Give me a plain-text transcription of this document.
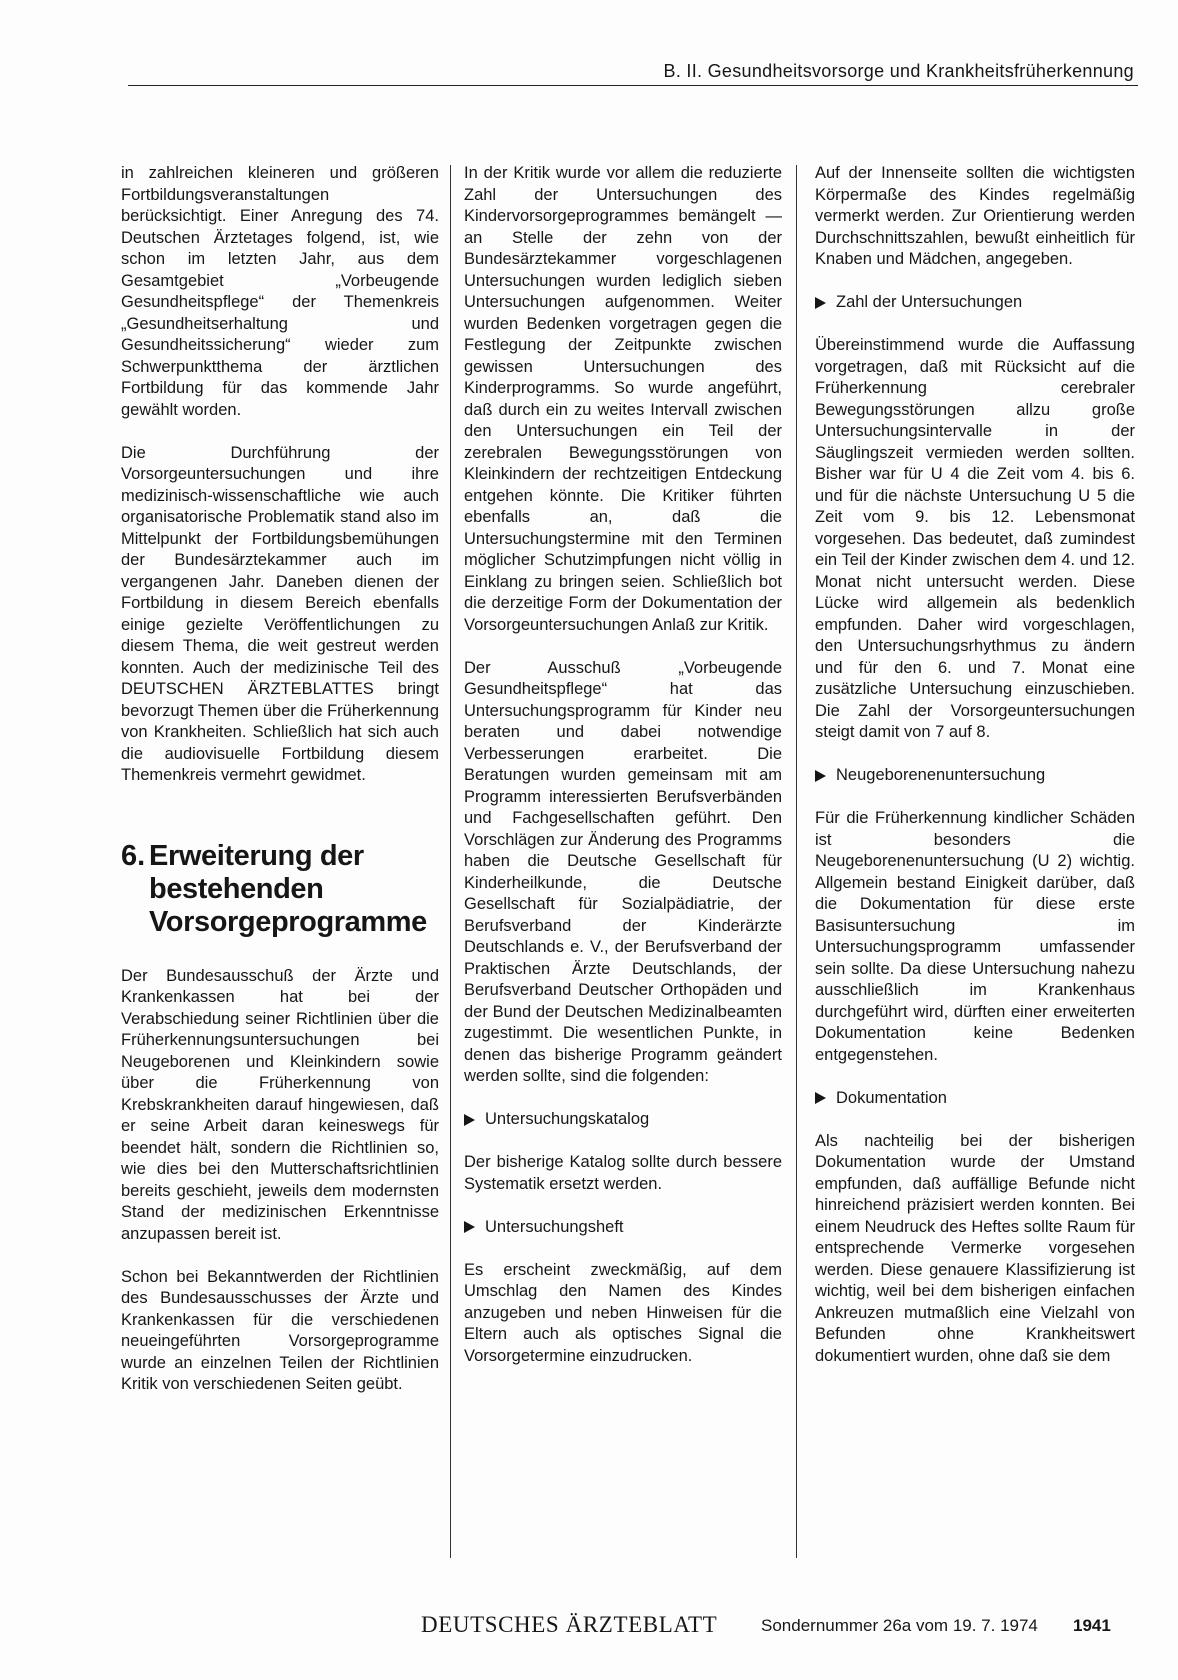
B. II. Gesundheitsvorsorge und Krankheitsfrüherkennung

in zahlreichen kleineren und größeren Fortbildungsveranstaltungen berücksichtigt. Einer Anregung des 74. Deutschen Ärztetages folgend, ist, wie schon im letzten Jahr, aus dem Gesamtgebiet „Vorbeugende Gesundheitspflege“ der Themenkreis „Gesundheitserhaltung und Gesundheitssicherung“ wieder zum Schwerpunktthema der ärztlichen Fortbildung für das kommende Jahr gewählt worden.

Die Durchführung der Vorsorgeuntersuchungen und ihre medizinisch-wissenschaftliche wie auch organisatorische Problematik stand also im Mittelpunkt der Fortbildungsbemühungen der Bundesärztekammer auch im vergangenen Jahr. Daneben dienen der Fortbildung in diesem Bereich ebenfalls einige gezielte Veröffentlichungen zu diesem Thema, die weit gestreut werden konnten. Auch der medizinische Teil des DEUTSCHEN ÄRZTEBLATTES bringt bevorzugt Themen über die Früherkennung von Krankheiten. Schließlich hat sich auch die audiovisuelle Fortbildung diesem Themenkreis vermehrt gewidmet.

6. Erweiterung der
bestehenden
Vorsorgeprogramme

Der Bundesausschuß der Ärzte und Krankenkassen hat bei der Verabschiedung seiner Richtlinien über die Früherkennungsuntersuchungen bei Neugeborenen und Kleinkindern sowie über die Früherkennung von Krebskrankheiten darauf hingewiesen, daß er seine Arbeit daran keineswegs für beendet hält, sondern die Richtlinien so, wie dies bei den Mutterschaftsrichtlinien bereits geschieht, jeweils dem modernsten Stand der medizinischen Erkenntnisse anzupassen bereit ist.

Schon bei Bekanntwerden der Richtlinien des Bundesausschusses der Ärzte und Krankenkassen für die verschiedenen neueingeführten Vorsorgeprogramme wurde an einzelnen Teilen der Richtlinien Kritik von verschiedenen Seiten geübt.

In der Kritik wurde vor allem die reduzierte Zahl der Untersuchungen des Kindervorsorgeprogrammes bemängelt — an Stelle der zehn von der Bundesärztekammer vorgeschlagenen Untersuchungen wurden lediglich sieben Untersuchungen aufgenommen. Weiter wurden Bedenken vorgetragen gegen die Festlegung der Zeitpunkte zwischen gewissen Untersuchungen des Kinderprogramms. So wurde angeführt, daß durch ein zu weites Intervall zwischen den Untersuchungen ein Teil der zerebralen Bewegungsstörungen von Kleinkindern der rechtzeitigen Entdeckung entgehen könnte. Die Kritiker führten ebenfalls an, daß die Untersuchungstermine mit den Terminen möglicher Schutzimpfungen nicht völlig in Einklang zu bringen seien. Schließlich bot die derzeitige Form der Dokumentation der Vorsorgeuntersuchungen Anlaß zur Kritik.

Der Ausschuß „Vorbeugende Gesundheitspflege“ hat das Untersuchungsprogramm für Kinder neu beraten und dabei notwendige Verbesserungen erarbeitet. Die Beratungen wurden gemeinsam mit am Programm interessierten Berufsverbänden und Fachgesellschaften geführt. Den Vorschlägen zur Änderung des Programms haben die Deutsche Gesellschaft für Kinderheilkunde, die Deutsche Gesellschaft für Sozialpädiatrie, der Berufsverband der Kinderärzte Deutschlands e. V., der Berufsverband der Praktischen Ärzte Deutschlands, der Berufsverband Deutscher Orthopäden und der Bund der Deutschen Medizinalbeamten zugestimmt. Die wesentlichen Punkte, in denen das bisherige Programm geändert werden sollte, sind die folgenden:

Untersuchungskatalog

Der bisherige Katalog sollte durch bessere Systematik ersetzt werden.

Untersuchungsheft

Es erscheint zweckmäßig, auf dem Umschlag den Namen des Kindes anzugeben und neben Hinweisen für die Eltern auch als optisches Signal die Vorsorgetermine einzudrucken.

Auf der Innenseite sollten die wichtigsten Körpermaße des Kindes regelmäßig vermerkt werden. Zur Orientierung werden Durchschnittszahlen, bewußt einheitlich für Knaben und Mädchen, angegeben.

Zahl der Untersuchungen

Übereinstimmend wurde die Auffassung vorgetragen, daß mit Rücksicht auf die Früherkennung cerebraler Bewegungsstörungen allzu große Untersuchungsintervalle in der Säuglingszeit vermieden werden sollten. Bisher war für U 4 die Zeit vom 4. bis 6. und für die nächste Untersuchung U 5 die Zeit vom 9. bis 12. Lebensmonat vorgesehen. Das bedeutet, daß zumindest ein Teil der Kinder zwischen dem 4. und 12. Monat nicht untersucht werden. Diese Lücke wird allgemein als bedenklich empfunden. Daher wird vorgeschlagen, den Untersuchungsrhythmus zu ändern und für den 6. und 7. Monat eine zusätzliche Untersuchung einzuschieben. Die Zahl der Vorsorgeuntersuchungen steigt damit von 7 auf 8.

Neugeborenenuntersuchung

Für die Früherkennung kindlicher Schäden ist besonders die Neugeborenenuntersuchung (U 2) wichtig. Allgemein bestand Einigkeit darüber, daß die Dokumentation für diese erste Basisuntersuchung im Untersuchungsprogramm umfassender sein sollte. Da diese Untersuchung nahezu ausschließlich im Krankenhaus durchgeführt wird, dürften einer erweiterten Dokumentation keine Bedenken entgegenstehen.

Dokumentation

Als nachteilig bei der bisherigen Dokumentation wurde der Umstand empfunden, daß auffällige Befunde nicht hinreichend präzisiert werden konnten. Bei einem Neudruck des Heftes sollte Raum für entsprechende Vermerke vorgesehen werden. Diese genauere Klassifizierung ist wichtig, weil bei dem bisherigen einfachen Ankreuzen mutmaßlich eine Vielzahl von Befunden ohne Krankheitswert dokumentiert wurden, ohne daß sie dem

DEUTSCHES ÄRZTEBLATT	Sondernummer 26a vom 19. 7. 1974 1941
